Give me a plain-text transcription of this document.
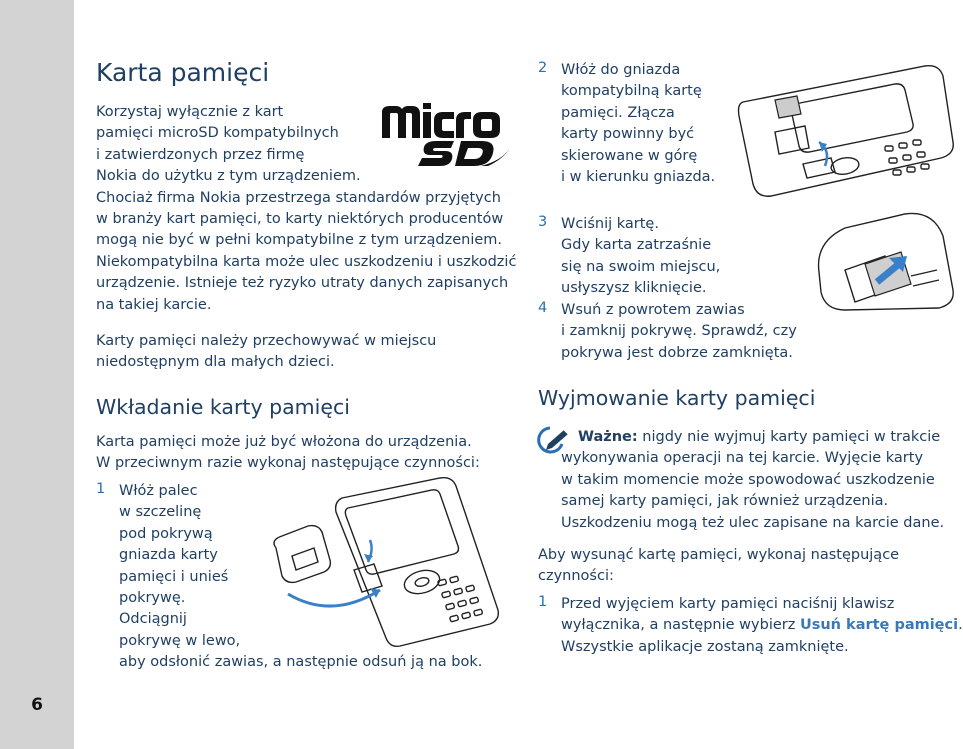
6
Karta pamięci
Korzystaj wyłącznie z kart
pamięci microSD kompatybilnych
i zatwierdzonych przez firmę
Nokia do użytku z tym urządzeniem.
Chociaż firma Nokia przestrzega standardów przyjętych
w branży kart pamięci, to karty niektórych producentów
mogą nie być w pełni kompatybilne z tym urządzeniem.
Niekompatybilna karta może ulec uszkodzeniu i uszkodzić
urządzenie. Istnieje też ryzyko utraty danych zapisanych
na takiej karcie.
Karty pamięci należy przechowywać w miejscu
niedostępnym dla małych dzieci.
Wkładanie karty pamięci
Karta pamięci może już być włożona do urządzenia.
W przeciwnym razie wykonaj następujące czynności:
1 Włóż palec
w szczelinę
pod pokrywą
gniazda karty
pamięci i unieś
pokrywę.
Odciągnij
pokrywę w lewo,
aby odsłonić zawias, a następnie odsuń ją na bok.
2 Włóż do gniazda
kompatybilną kartę
pamięci. Złącza
karty powinny być
skierowane w górę
i w kierunku gniazda.
3 Wciśnij kartę.
Gdy karta zatrzaśnie
się na swoim miejscu,
usłyszysz kliknięcie.
4 Wsuń z powrotem zawias
i zamknij pokrywę. Sprawdź, czy
pokrywa jest dobrze zamknięta.
Wyjmowanie karty pamięci
Ważne: nigdy nie wyjmuj karty pamięci w trakcie
wykonywania operacji na tej karcie. Wyjęcie karty
w takim momencie może spowodować uszkodzenie
samej karty pamięci, jak również urządzenia.
Uszkodzeniu mogą też ulec zapisane na karcie dane.
Aby wysunąć kartę pamięci, wykonaj następujące
czynności:
1 Przed wyjęciem karty pamięci naciśnij klawisz
wyłącznika, a następnie wybierz Usuń kartę pamięci.
Wszystkie aplikacje zostaną zamknięte.
